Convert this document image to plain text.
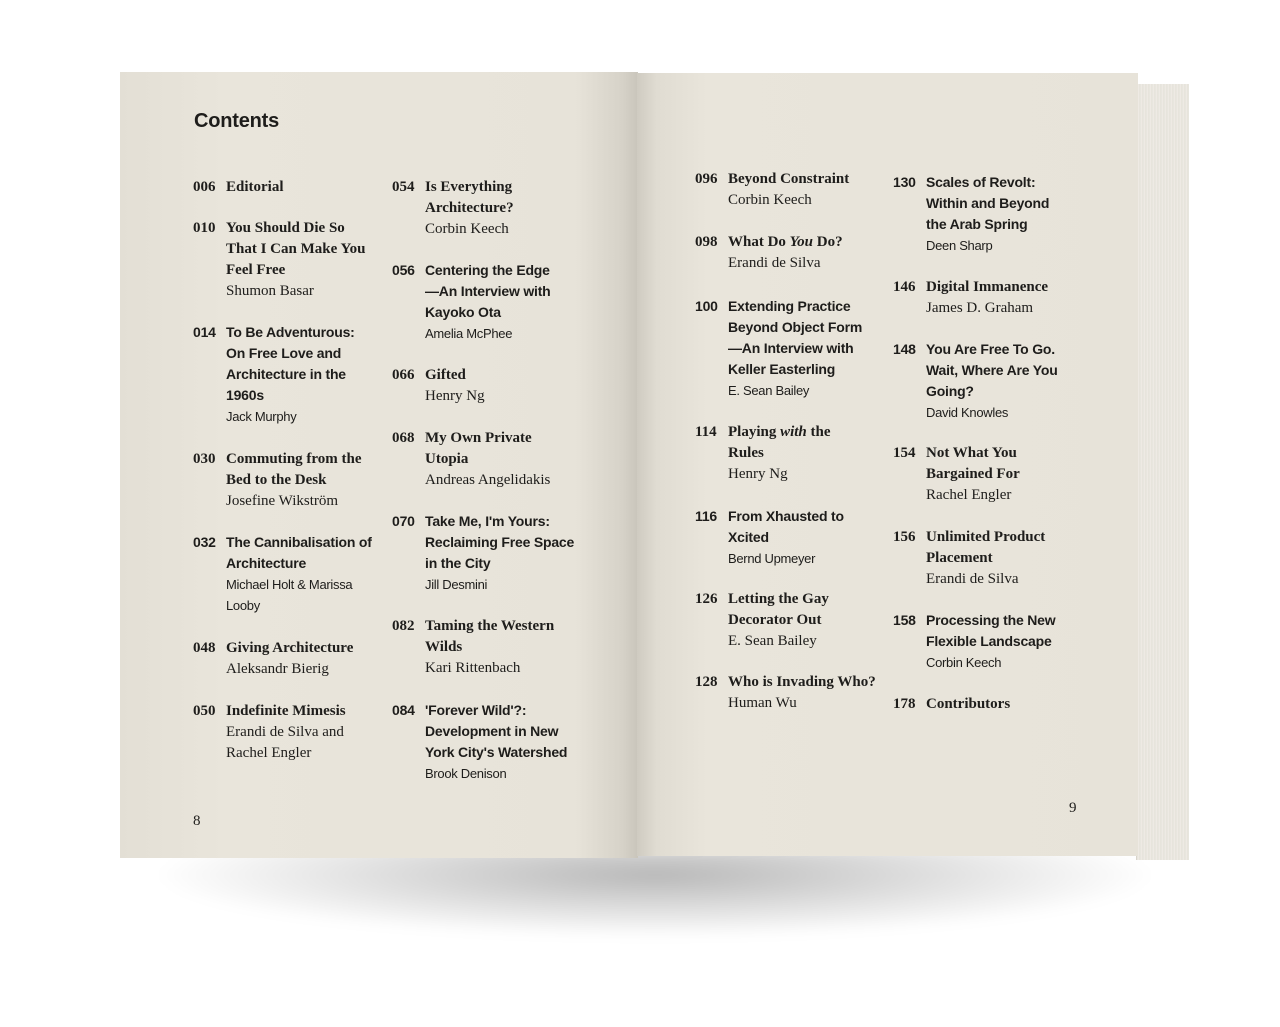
Contents
006 Editorial
010 You Should Die So That I Can Make You Feel Free
Shumon Basar
014 To Be Adventurous: On Free Love and Architecture in the 1960s
Jack Murphy
030 Commuting from the Bed to the Desk
Josefine Wikström
032 The Cannibalisation of Architecture
Michael Holt & Marissa Looby
048 Giving Architecture
Aleksandr Bierig
050 Indefinite Mimesis
Erandi de Silva and Rachel Engler
054 Is Everything Architecture?
Corbin Keech
056 Centering the Edge —An Interview with Kayoko Ota
Amelia McPhee
066 Gifted
Henry Ng
068 My Own Private Utopia
Andreas Angelidakis
070 Take Me, I'm Yours: Reclaiming Free Space in the City
Jill Desmini
082 Taming the Western Wilds
Kari Rittenbach
084 'Forever Wild'?: Development in New York City's Watershed
Brook Denison
096 Beyond Constraint
Corbin Keech
098 What Do You Do?
Erandi de Silva
100 Extending Practice Beyond Object Form —An Interview with Keller Easterling
E. Sean Bailey
114 Playing with the Rules
Henry Ng
116 From Xhausted to Xcited
Bernd Upmeyer
126 Letting the Gay Decorator Out
E. Sean Bailey
128 Who is Invading Who?
Human Wu
130 Scales of Revolt: Within and Beyond the Arab Spring
Deen Sharp
146 Digital Immanence
James D. Graham
148 You Are Free To Go. Wait, Where Are You Going?
David Knowles
154 Not What You Bargained For
Rachel Engler
156 Unlimited Product Placement
Erandi de Silva
158 Processing the New Flexible Landscape
Corbin Keech
178 Contributors
8
9
